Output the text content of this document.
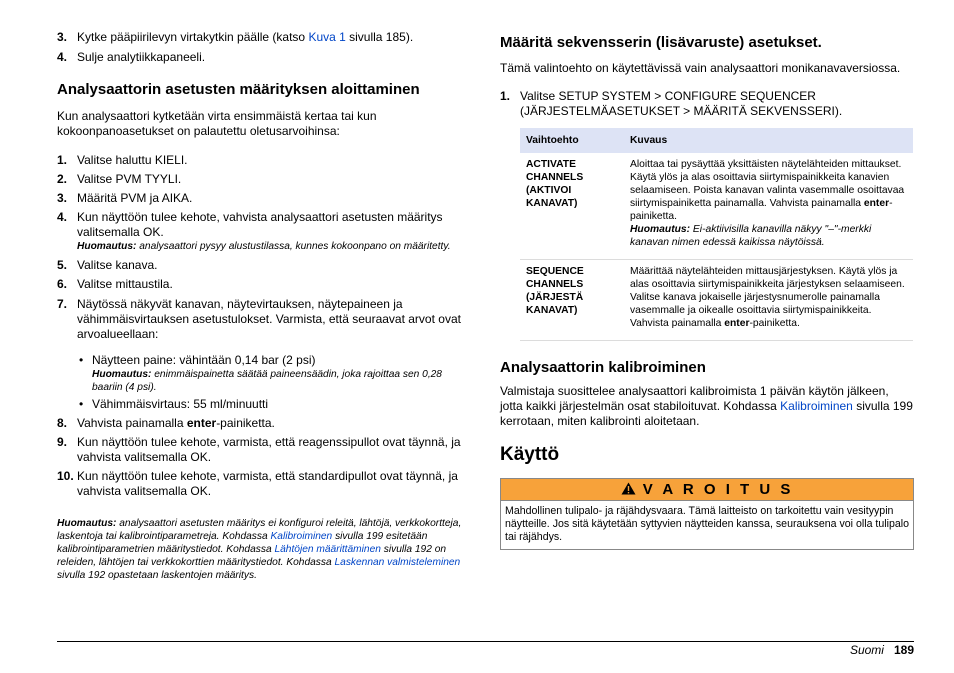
3. Kytke pääpiirilevyn virtakytkin päälle (katso Kuva 1 sivulla 185).
4. Sulje analytiikkapaneeli.
Analysaattorin asetusten määrityksen aloittaminen
Kun analysaattori kytketään virta ensimmäistä kertaa tai kun kokoonpanoasetukset on palautettu oletusarvoihinsa:
1. Valitse haluttu KIELI.
2. Valitse PVM TYYLI.
3. Määritä PVM ja AIKA.
4. Kun näyttöön tulee kehote, vahvista analysaattori asetusten määritys valitsemalla OK.
Huomautus: analysaattori pysyy alustustilassa, kunnes kokoonpano on määritetty.
5. Valitse kanava.
6. Valitse mittaustila.
7. Näytössä näkyvät kanavan, näytevirtauksen, näytepaineen ja vähimmäisvirtauksen asetustulokset. Varmista, että seuraavat arvot ovat arvoalueellaan:
• Näytteen paine: vähintään 0,14 bar (2 psi)
Huomautus: enimmäispainetta säätää paineensäädin, joka rajoittaa sen 0,28 baariin (4 psi).
• Vähimmäisvirtaus: 55 ml/minuutti
8. Vahvista painamalla enter-painiketta.
9. Kun näyttöön tulee kehote, varmista, että reagenssipullot ovat täynnä, ja vahvista valitsemalla OK.
10. Kun näyttöön tulee kehote, varmista, että standardipullot ovat täynnä, ja vahvista valitsemalla OK.
Huomautus: analysaattori asetusten määritys ei konfiguroi releitä, lähtöjä, verkkokortteja, laskentoja tai kalibrointiparametreja. Kohdassa Kalibroiminen sivulla 199 esitetään kalibrointiparametrien määritystiedot. Kohdassa Lähtöjen määrittäminen sivulla 192 on releiden, lähtöjen tai verkkokorttien määritystiedot. Kohdassa Laskennan valmisteleminen sivulla 192 opastetaan laskentojen määritys.
Määritä sekvensserin (lisävaruste) asetukset.
Tämä valintoehto on käytettävissä vain analysaattori monikanavaversiossa.
1. Valitse SETUP SYSTEM > CONFIGURE SEQUENCER (JÄRJESTELMÄASETUKSET > MÄÄRITÄ SEKVENSSERI).
Vaihtoehto	Kuvaus
ACTIVATE CHANNELS (AKTIVOI KANAVAT)	Aloittaa tai pysäyttää yksittäisten näytelähteiden mittaukset. Käytä ylös ja alas osoittavia siirtymispainikkeita kanavien selaamiseen. Poista kanavan valinta vasemmalle osoittavaa siirtymispainiketta painamalla. Vahvista painamalla enter-painiketta.
Huomautus: Ei-aktiivisilla kanavilla näkyy "–"-merkki kanavan nimen edessä kaikissa näytöissä.

SEQUENCE CHANNELS (JÄRJESTÄ KANAVAT)	Määrittää näytelähteiden mittausjärjestyksen. Käytä ylös ja alas osoittavia siirtymispainikkeita järjestyksen selaamiseen. Valitse kanava jokaiselle järjestysnumerolle painamalla vasemmalle ja oikealle osoittavia siirtymispainikkeita. Vahvista painamalla enter-painiketta.
Analysaattorin kalibroiminen
Valmistaja suosittelee analysaattori kalibroimista 1 päivän käytön jälkeen, jotta kaikki järjestelmän osat stabiloituvat. Kohdassa Kalibroiminen sivulla 199 kerrotaan, miten kalibrointi aloitetaan.
Käyttö
V A R O I T U S
Mahdollinen tulipalo- ja räjähdysvaara. Tämä laitteisto on tarkoitettu vain vesityypin näytteille. Jos sitä käytetään syttyvien näytteiden kanssa, seurauksena voi olla tulipalo tai räjähdys.
Suomi 189
